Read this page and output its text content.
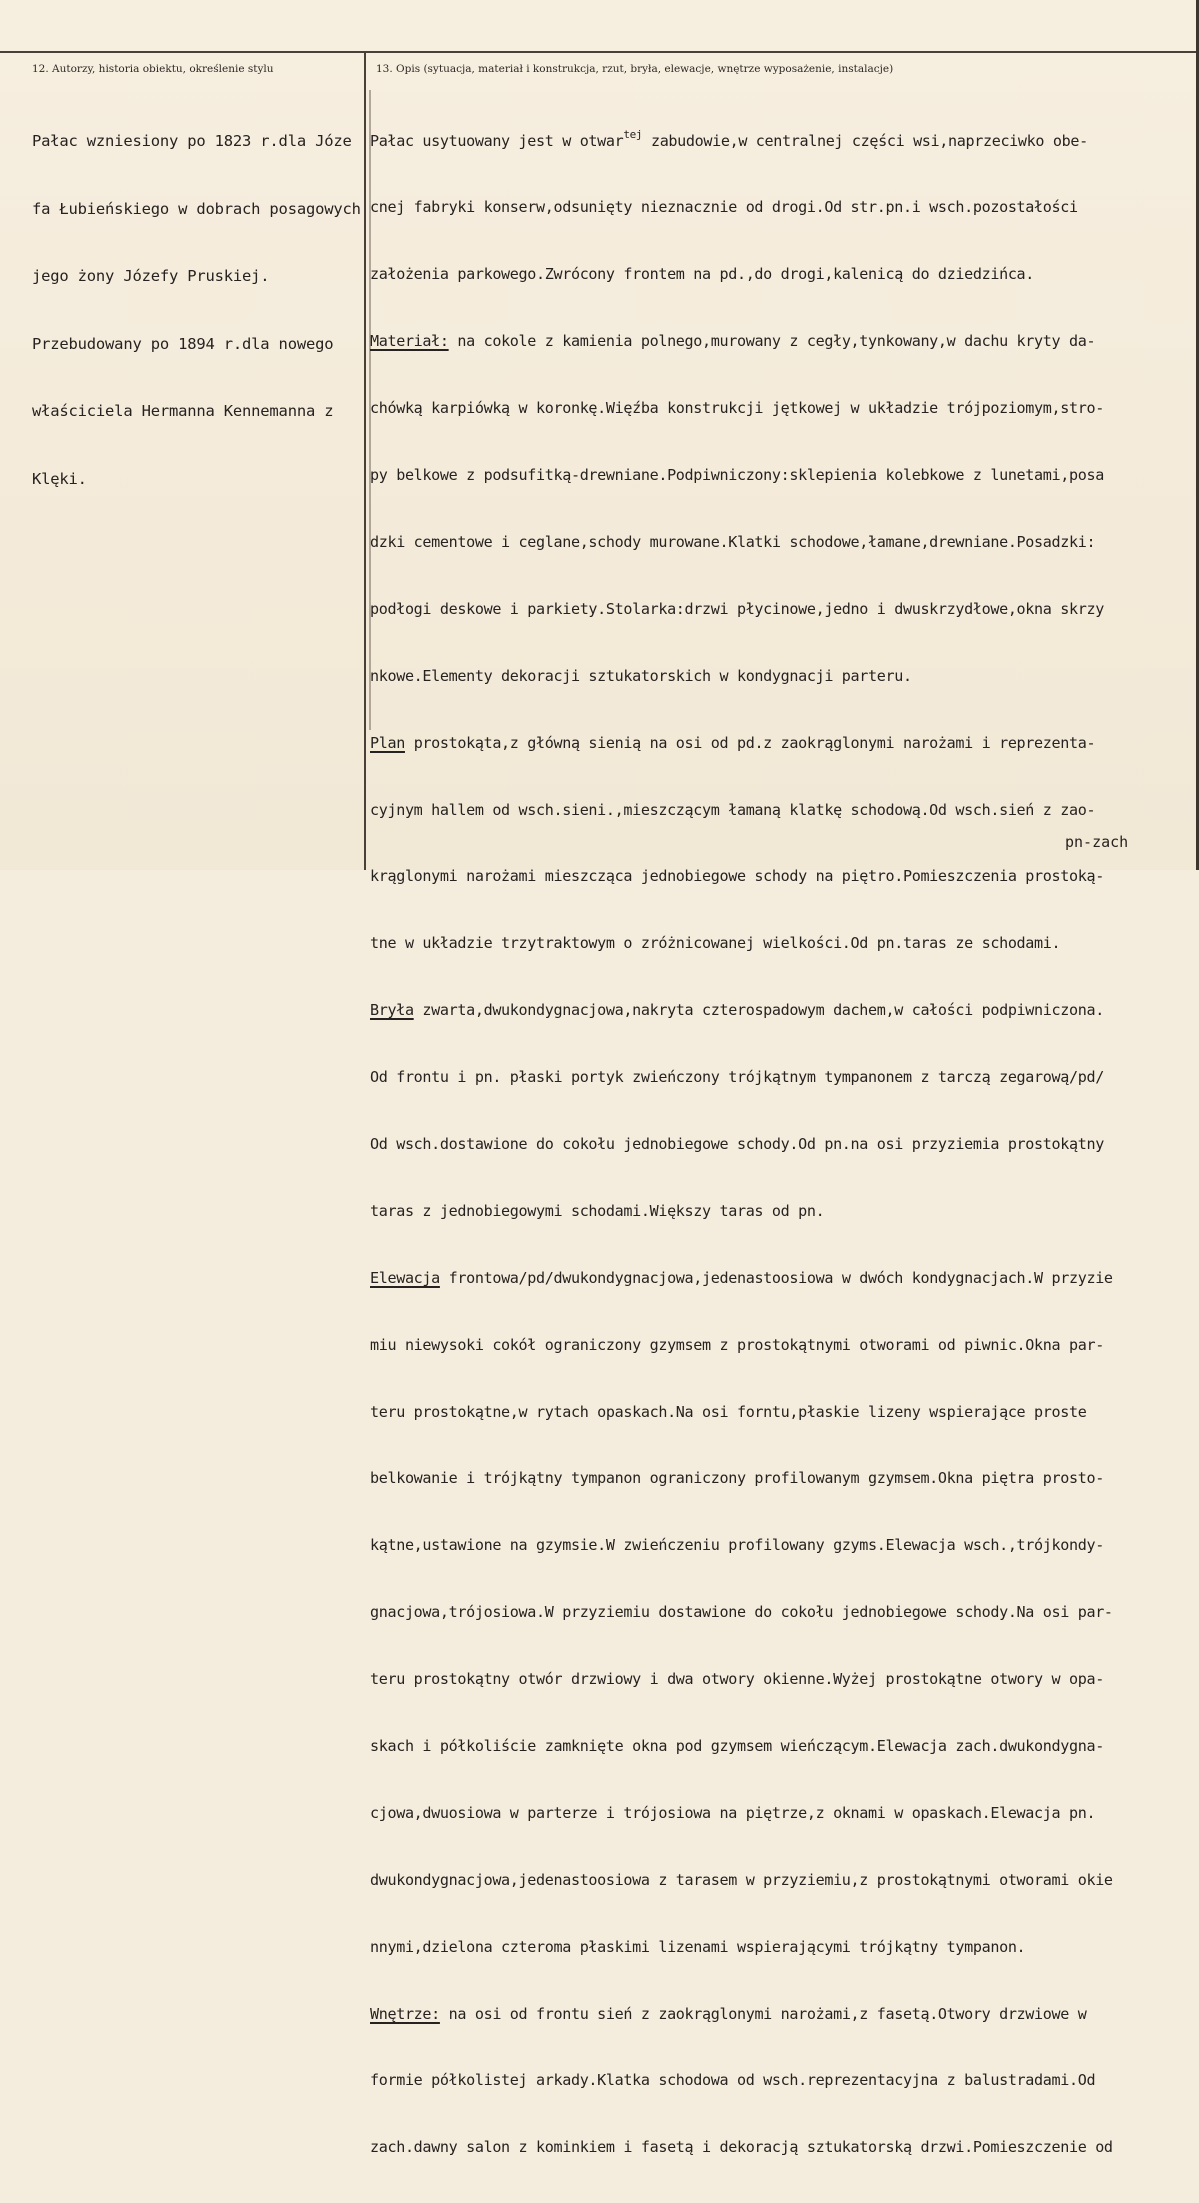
12. Autorzy, historia obiektu, określenie stylu	13. Opis (sytuacja, materiał i konstrukcja, rzut, bryła, elewacje, wnętrze wyposażenie, instalacje)

Pałac wzniesiony po 1823 r.dla Józe

fa Łubieńskiego w dobrach posagowych

jego żony Józefy Pruskiej.

Przebudowany po 1894 r.dla nowego

właściciela Hermanna Kennemanna z

Klęki.

Pałac usytuowany jest w otwar$^{tej}$ zabudowie,w centralnej części wsi,naprzeciwko obe-

cnej fabryki konserw,odsunięty nieznacznie od drogi.Od str.pn.i wsch.pozostałości

założenia parkowego.Zwrócony frontem na pd.,do drogi,kalenicą do dziedzińca.

Materiał: na cokole z kamienia polnego,murowany z cegły,tynkowany,w dachu kryty da-

chówką karpiówką w koronkę.Więźba konstrukcji jętkowej w układzie trójpoziomym,stro-

py belkowe z podsufitką-drewniane.Podpiwniczony:sklepienia kolebkowe z lunetami,posa

dzki cementowe i ceglane,schody murowane.Klatki schodowe,łamane,drewniane.Posadzki:

podłogi deskowe i parkiety.Stolarka:drzwi płycinowe,jedno i dwuskrzydłowe,okna skrzy

nkowe.Elementy dekoracji sztukatorskich w kondygnacji parteru.

Plan prostokąta,z główną sienią na osi od pd.z zaokrąglonymi narożami i reprezenta-

cyjnym hallem od wsch.sieni.,mieszczącym łamaną klatkę schodową.Od wsch.sień z zao-

krąglonymi narożami mieszcząca jednobiegowe schody na piętro.Pomieszczenia prostoką-

tne w układzie trzytraktowym o zróżnicowanej wielkości.Od pn.taras ze schodami.

Bryła zwarta,dwukondygnacjowa,nakryta czterospadowym dachem,w całości podpiwniczona.

Od frontu i pn. płaski portyk zwieńczony trójkątnym tympanonem z tarczą zegarową/pd/

Od wsch.dostawione do cokołu jednobiegowe schody.Od pn.na osi przyziemia prostokątny

taras z jednobiegowymi schodami.Większy taras od pn.

Elewacja frontowa/pd/dwukondygnacjowa,jedenastoosiowa w dwóch kondygnacjach.W przyzie

miu niewysoki cokół ograniczony gzymsem z prostokątnymi otworami od piwnic.Okna par-

teru prostokątne,w rytach opaskach.Na osi forntu,płaskie lizeny wspierające proste

belkowanie i trójkątny tympanon ograniczony profilowanym gzymsem.Okna piętra prosto-

kątne,ustawione na gzymsie.W zwieńczeniu profilowany gzyms.Elewacja wsch.,trójkondy-

gnacjowa,trójosiowa.W przyziemiu dostawione do cokołu jednobiegowe schody.Na osi par-

teru prostokątny otwór drzwiowy i dwa otwory okienne.Wyżej prostokątne otwory w opa-

skach i półkoliście zamknięte okna pod gzymsem wieńczącym.Elewacja zach.dwukondygna-

cjowa,dwuosiowa w parterze i trójosiowa na piętrze,z oknami w opaskach.Elewacja pn.

dwukondygnacjowa,jedenastoosiowa z tarasem w przyziemiu,z prostokątnymi otworami okie

nnymi,dzielona czteroma płaskimi lizenami wspierającymi trójkątny tympanon.

Wnętrze: na osi od frontu sień z zaokrąglonymi narożami,z fasetą.Otwory drzwiowe w

formie półkolistej arkady.Klatka schodowa od wsch.reprezentacyjna z balustradami.Od

zach.dawny salon z kominkiem i fasetą i dekoracją sztukatorską drzwi.Pomieszczenie od

pn-zach
